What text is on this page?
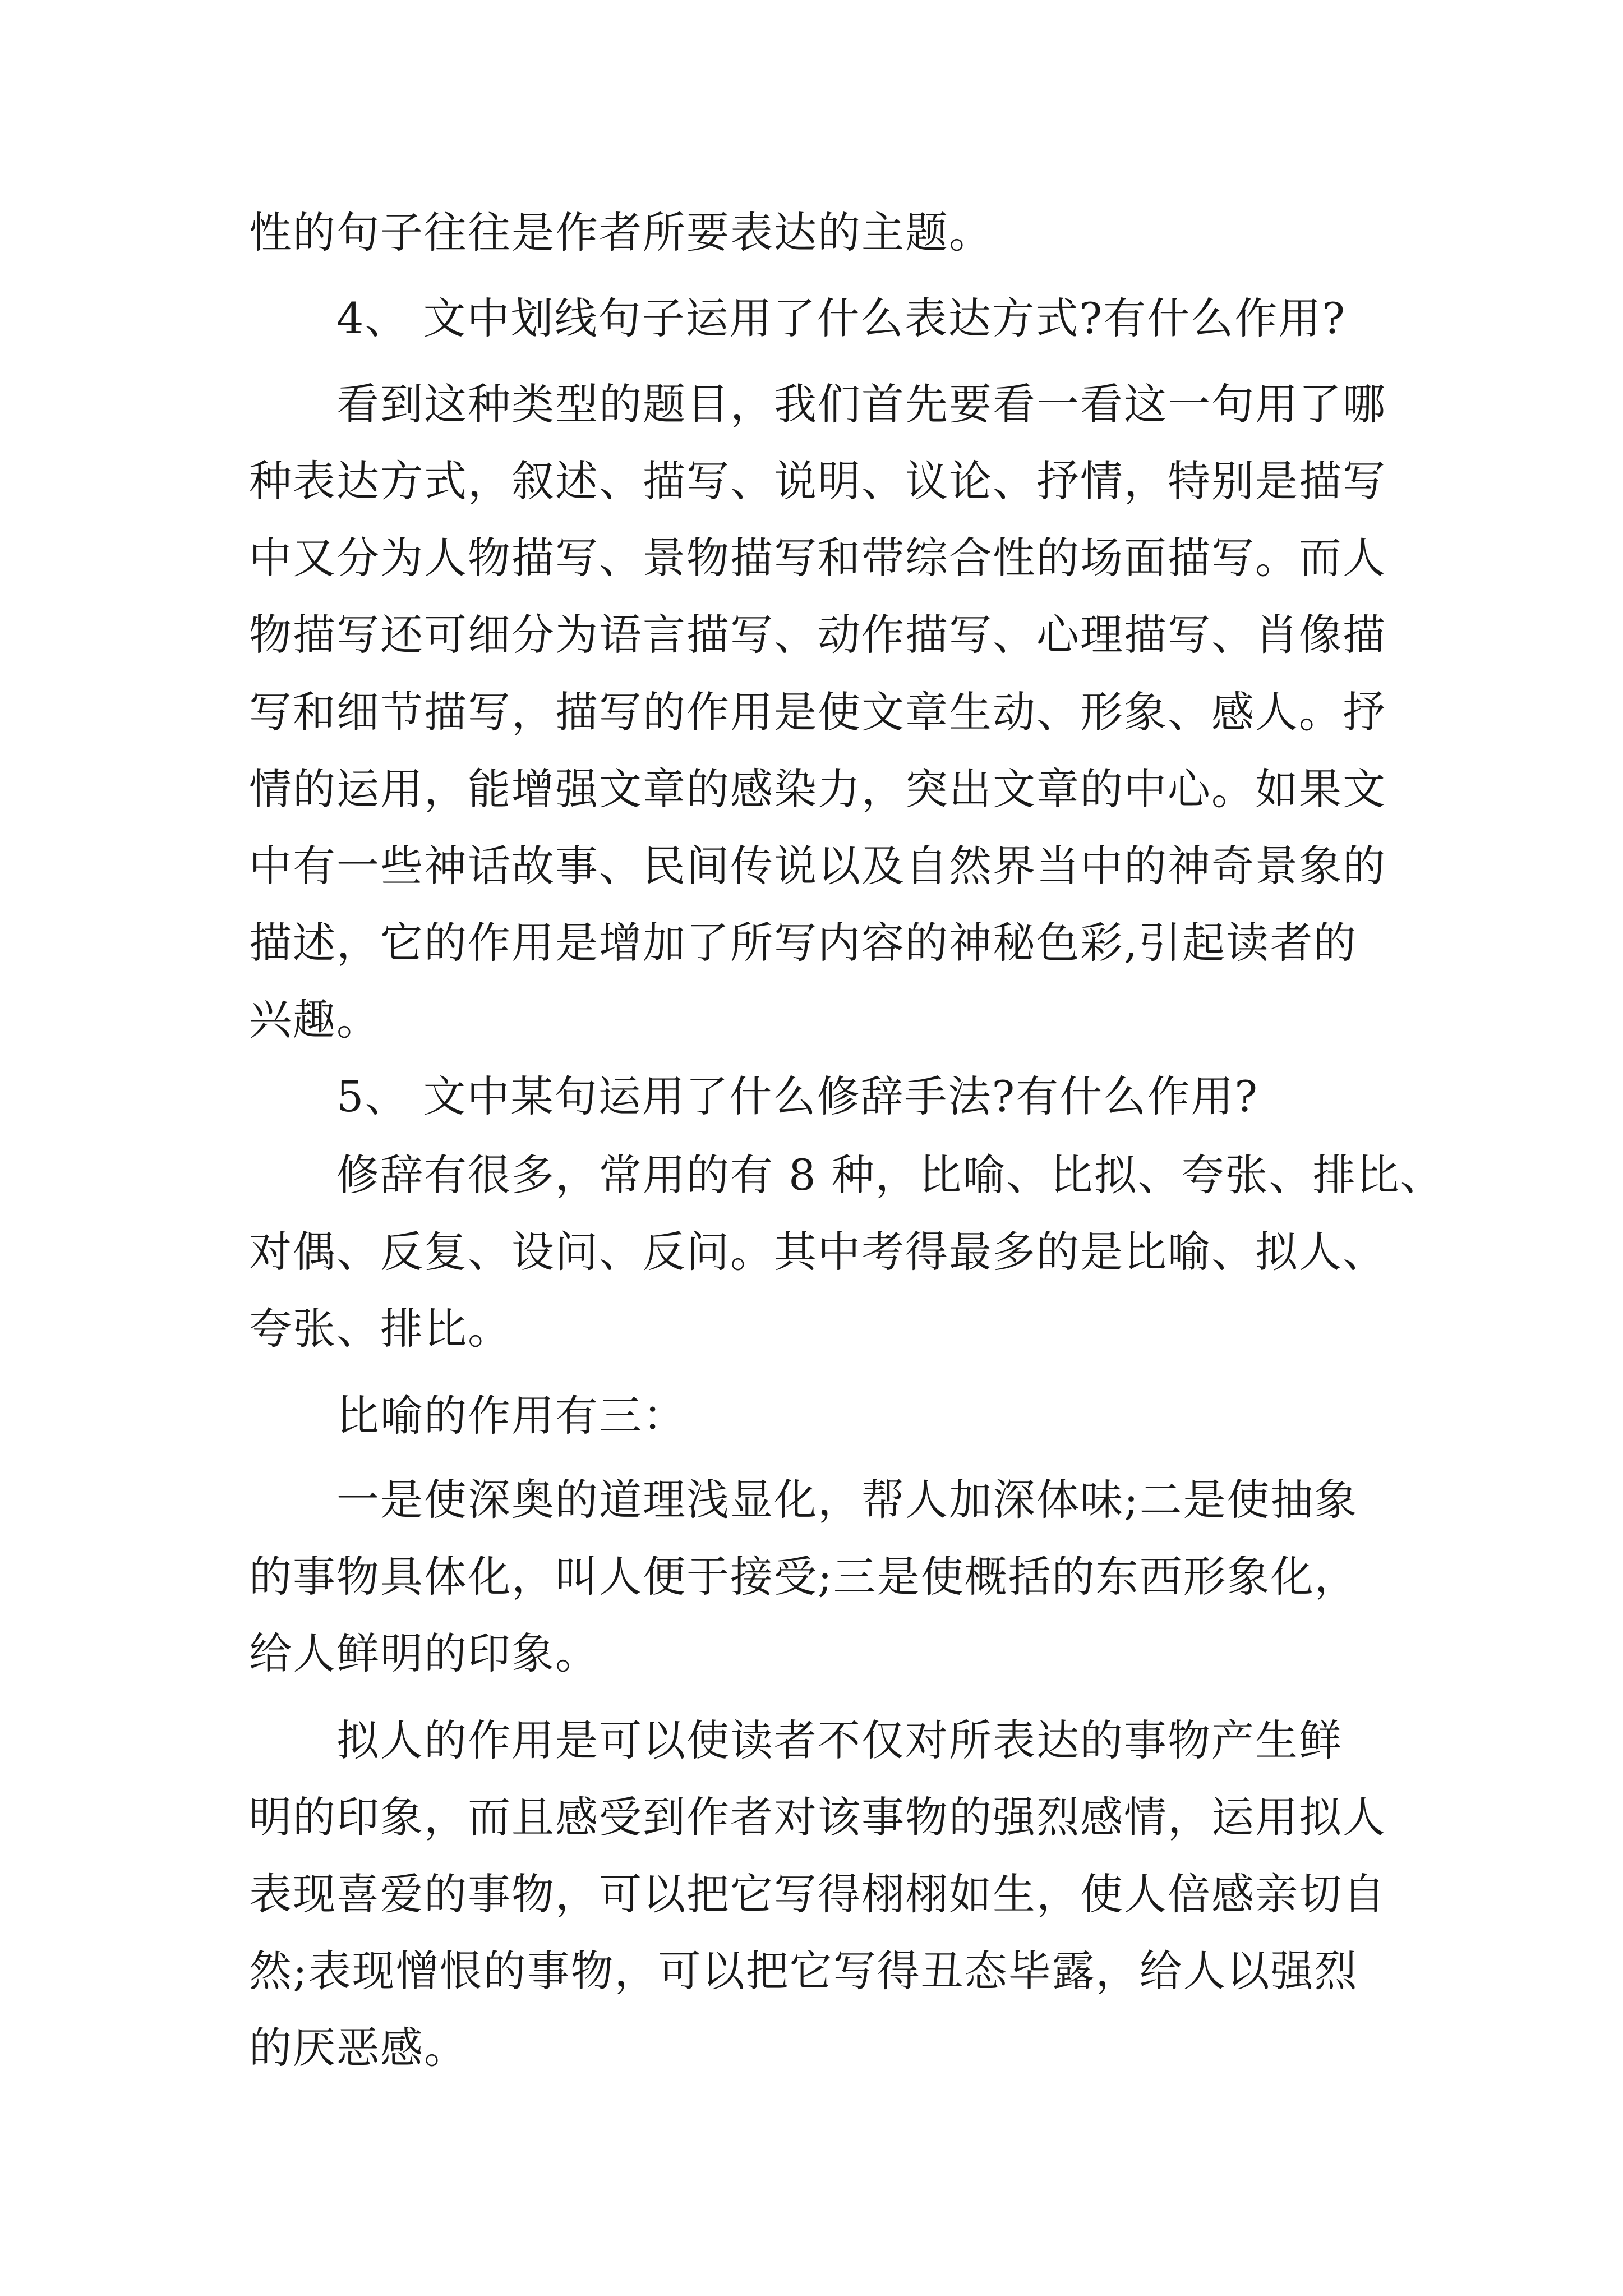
性的句子往往是作者所要表达的主题。
4、 文中划线句子运用了什么表达方式?有什么作用?
看到这种类型的题目，我们首先要看一看这一句用了哪
种表达方式，叙述、描写、说明、议论、抒情，特别是描写
中又分为人物描写、景物描写和带综合性的场面描写。而人
物描写还可细分为语言描写、动作描写、心理描写、肖像描
写和细节描写，描写的作用是使文章生动、形象、感人。抒
情的运用，能增强文章的感染力，突出文章的中心。如果文
中有一些神话故事、民间传说以及自然界当中的神奇景象的
描述，它的作用是增加了所写内容的神秘色彩,引起读者的
兴趣。
5、 文中某句运用了什么修辞手法?有什么作用?
修辞有很多，常用的有 8 种，比喻、比拟、夸张、排比、
对偶、反复、设问、反问。其中考得最多的是比喻、拟人、
夸张、排比。
比喻的作用有三：
一是使深奥的道理浅显化，帮人加深体味;二是使抽象
的事物具体化，叫人便于接受;三是使概括的东西形象化，
给人鲜明的印象。
拟人的作用是可以使读者不仅对所表达的事物产生鲜
明的印象，而且感受到作者对该事物的强烈感情，运用拟人
表现喜爱的事物，可以把它写得栩栩如生，使人倍感亲切自
然;表现憎恨的事物，可以把它写得丑态毕露，给人以强烈
的厌恶感。
